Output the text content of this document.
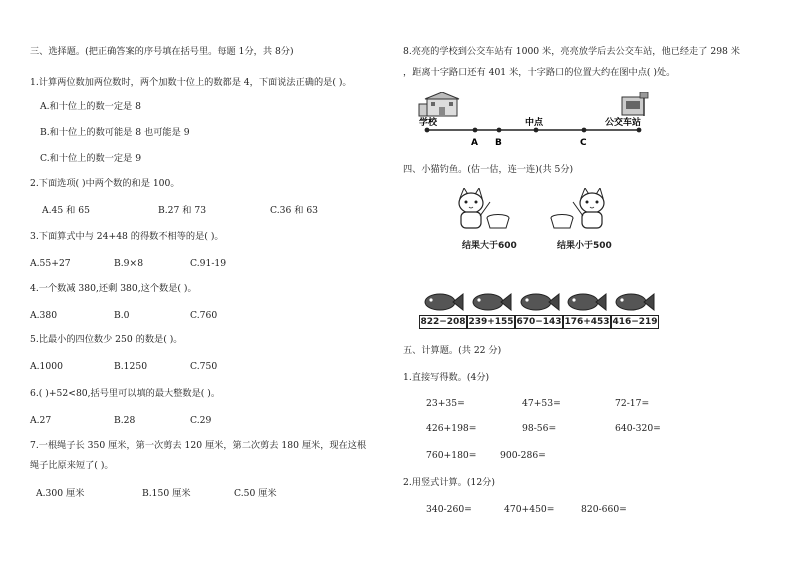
三、选择题。(把正确答案的序号填在括号里。每题 1分，共 8分)
1.计算两位数加两位数时，两个加数十位上的数都是 4，下面说法正确的是( )。
A.和十位上的数一定是 8
B.和十位上的数可能是 8 也可能是 9
C.和十位上的数一定是 9
2.下面选项( )中两个数的和是 100。
A.45 和 65	B.27 和 73	C.36 和 63
3.下面算式中与 24+48 的得数不相等的是( )。
A.55+27	B.9×8	C.91-19
4.一个数减 380,还剩 380,这个数是( )。
A.380	B.0	C.760
5.比最小的四位数少 250 的数是( )。
A.1000	B.1250	C.750
6.( )+52<80,括号里可以填的最大整数是( )。
A.27	B.28	C.29
7.一根绳子长 350 厘米，第一次剪去 120 厘米，第二次剪去 180 厘米，现在这根
绳子比原来短了( )。
A.300 厘米	B.150 厘米	C.50 厘米
8.亮亮的学校到公交车站有 1000 米，亮亮放学后去公交车站，他已经走了 298 米
，距离十字路口还有 401 米，十字路口的位置大约在图中点( )处。
学校	中点	公交车站
A B	C
四、小猫钓鱼。(估一估，连一连)(共 5分)
结果大于600	结果小于500
822−208 239+155 670−143 176+453 416−219
五、计算题。(共 22 分)
1.直接写得数。(4分)
23+35=	47+53=	72-17=
426+198=	98-56=	640-320=
760+180=	900-286=
2.用竖式计算。(12分)
340-260=	470+450=	820-660=
